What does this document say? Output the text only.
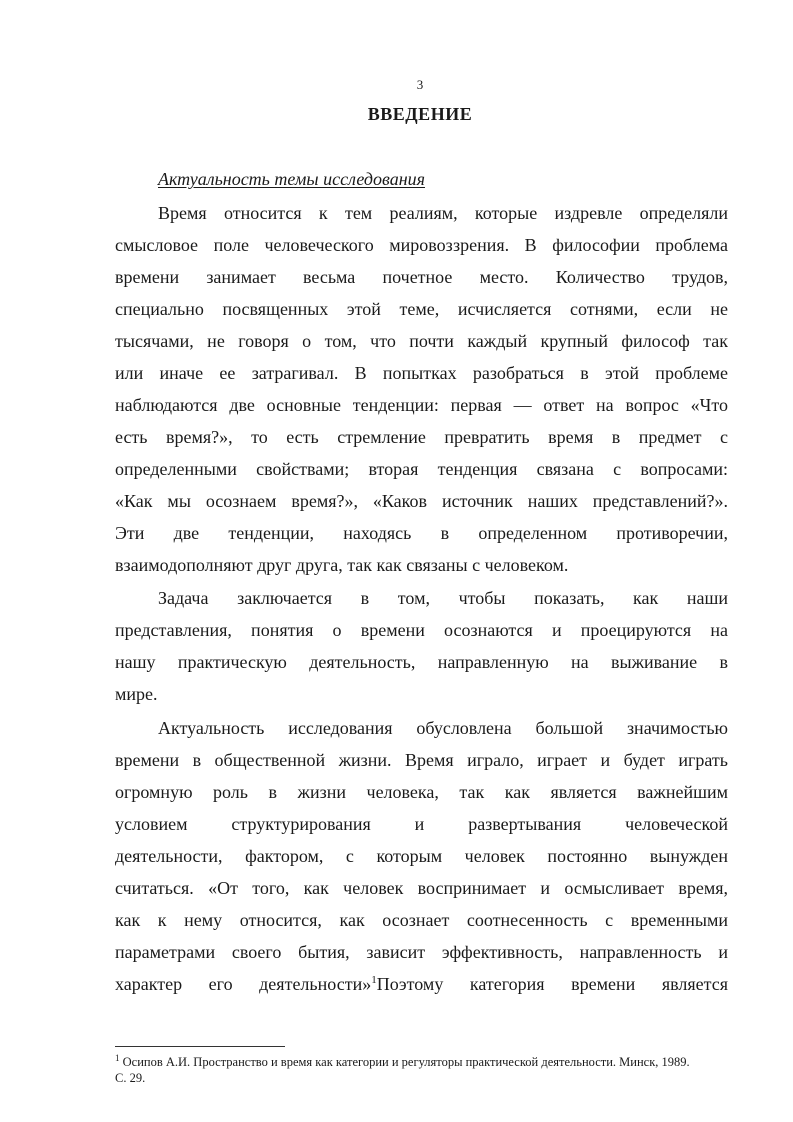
3
ВВЕДЕНИЕ
Актуальность темы исследования
Время относится к тем реалиям, которые издревле определяли
смысловое поле человеческого мировоззрения. В философии проблема
времени занимает весьма почетное место. Количество трудов,
специально посвященных этой теме, исчисляется сотнями, если не
тысячами, не говоря о том, что почти каждый крупный философ так
или иначе ее затрагивал. В попытках разобраться в этой проблеме
наблюдаются две основные тенденции: первая — ответ на вопрос «Что
есть время?», то есть стремление превратить время в предмет с
определенными свойствами; вторая тенденция связана с вопросами:
«Как мы осознаем время?», «Каков источник наших представлений?».
Эти две тенденции, находясь в определенном противоречии,
взаимодополняют друг друга, так как связаны с человеком.
Задача заключается в том, чтобы показать, как наши
представления, понятия о времени осознаются и проецируются на
нашу практическую деятельность, направленную на выживание в
мире.
Актуальность исследования обусловлена большой значимостью
времени в общественной жизни. Время играло, играет и будет играть
огромную роль в жизни человека, так как является важнейшим
условием структурирования и развертывания человеческой
деятельности, фактором, с которым человек постоянно вынужден
считаться. «От того, как человек воспринимает и осмысливает время,
как к нему относится, как осознает соотнесенность с временными
параметрами своего бытия, зависит эффективность, направленность и
характер его деятельности»$^1$Поэтому категория времени является
$^1$ Осипов А.И. Пространство и время как категории и регуляторы практической деятельности. Минск, 1989.
С. 29.
